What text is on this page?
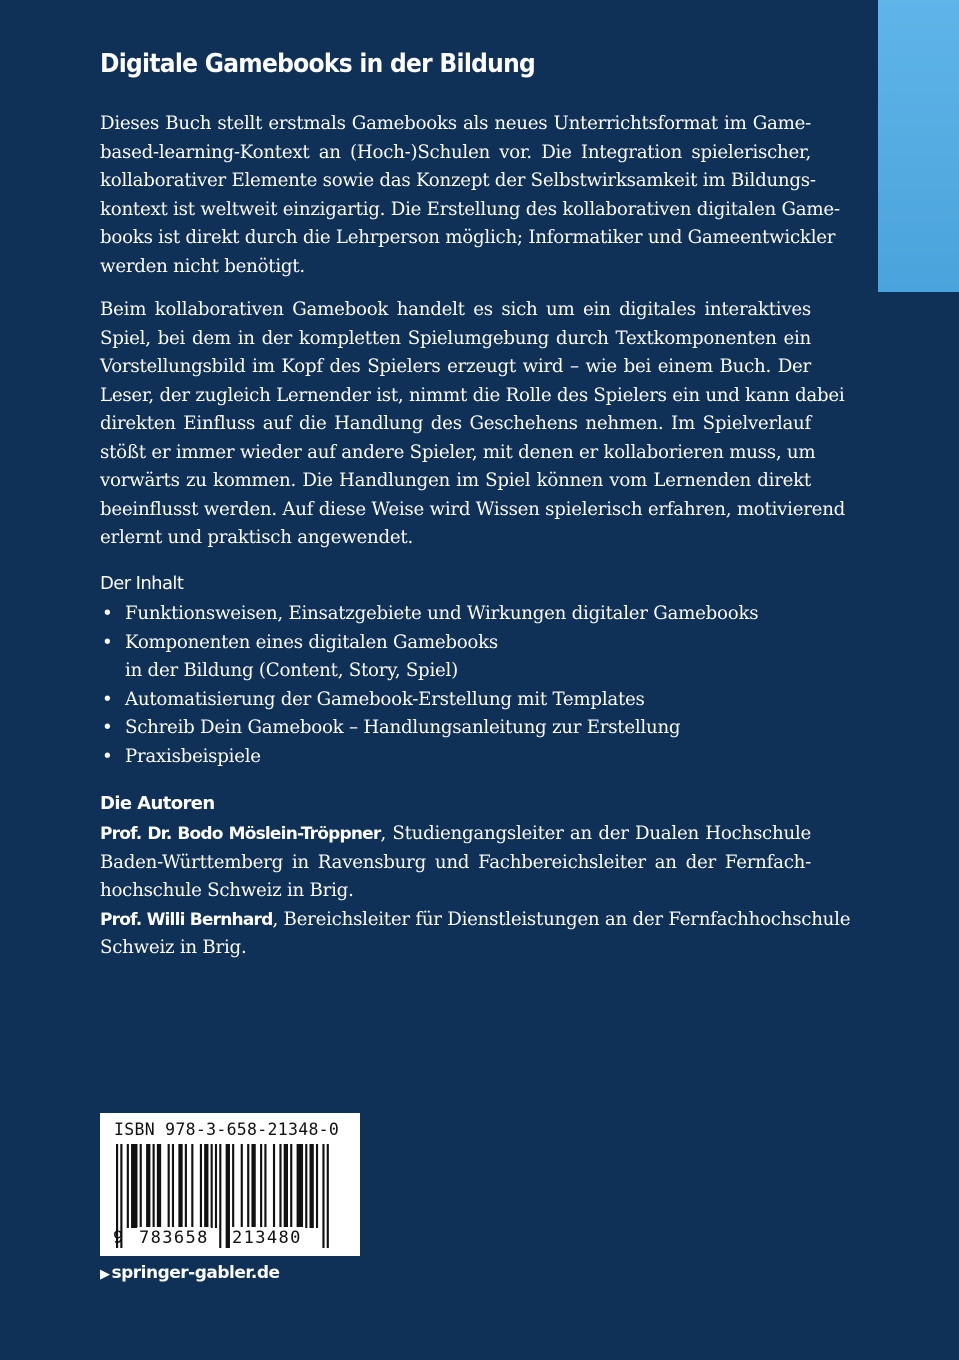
Digitale Gamebooks in der Bildung

Dieses Buch stellt erstmals Gamebooks als neues Unterrichtsformat im Game-
based-learning-Kontext an (Hoch-)Schulen vor. Die Integration spielerischer,
kollaborativer Elemente sowie das Konzept der Selbstwirksamkeit im Bildungs-
kontext ist weltweit einzigartig. Die Erstellung des kollaborativen digitalen Game-
books ist direkt durch die Lehrperson möglich; Informatiker und Gameentwickler
werden nicht benötigt.

Beim kollaborativen Gamebook handelt es sich um ein digitales interaktives
Spiel, bei dem in der kompletten Spielumgebung durch Textkomponenten ein
Vorstellungsbild im Kopf des Spielers erzeugt wird – wie bei einem Buch. Der
Leser, der zugleich Lernender ist, nimmt die Rolle des Spielers ein und kann dabei
direkten Einfluss auf die Handlung des Geschehens nehmen. Im Spielverlauf
stößt er immer wieder auf andere Spieler, mit denen er kollaborieren muss, um
vorwärts zu kommen. Die Handlungen im Spiel können vom Lernenden direkt
beeinflusst werden. Auf diese Weise wird Wissen spielerisch erfahren, motivierend
erlernt und praktisch angewendet.

Der Inhalt
• Funktionsweisen, Einsatzgebiete und Wirkungen digitaler Gamebooks
• Komponenten eines digitalen Gamebooks
in der Bildung (Content, Story, Spiel)
• Automatisierung der Gamebook-Erstellung mit Templates
• Schreib Dein Gamebook – Handlungsanleitung zur Erstellung
• Praxisbeispiele
Die Autoren

Prof. Dr. Bodo Möslein-Tröppner, Studiengangsleiter an der Dualen Hochschule
Baden-Württemberg in Ravensburg und Fachbereichsleiter an der Fernfach-
hochschule Schweiz in Brig.
Prof. Willi Bernhard, Bereichsleiter für Dienstleistungen an der Fernfachhochschule
Schweiz in Brig.

ISBN 978-3-658-21348-0
9 783658 213480
▶ springer-gabler.de
